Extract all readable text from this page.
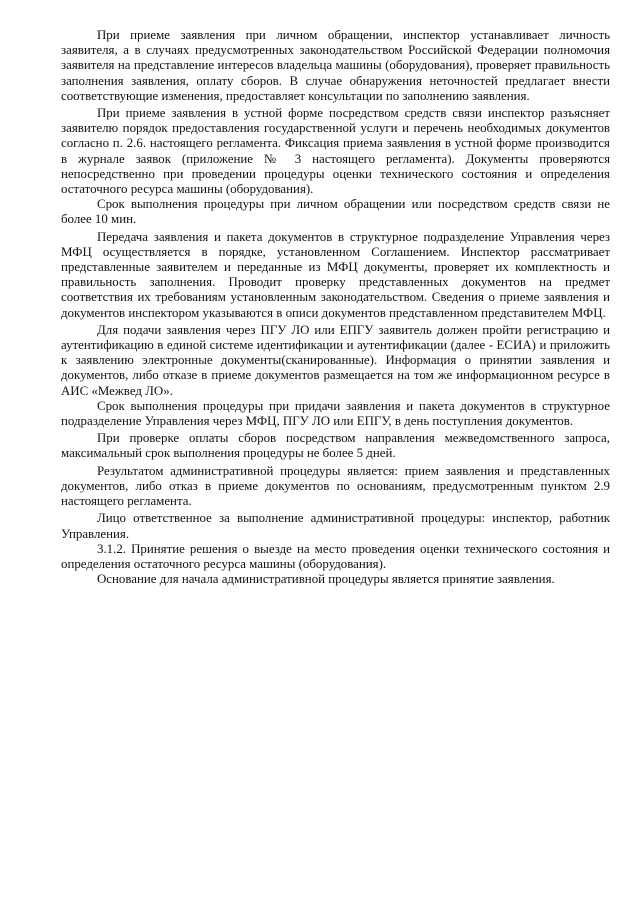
При приеме заявления при личном обращении, инспектор устанавливает личность заявителя, а в случаях предусмотренных законодательством Российской Федерации полномочия заявителя на представление интересов владельца машины (оборудования), проверяет правильность заполнения заявления, оплату сборов. В случае обнаружения неточностей предлагает внести соответствующие изменения, предоставляет консультации по заполнению заявления.

При приеме заявления в устной форме посредством средств связи инспектор разъясняет заявителю порядок предоставления государственной услуги и перечень необходимых документов согласно п. 2.6. настоящего регламента. Фиксация приема заявления в устной форме производится в журнале заявок (приложение № 3 настоящего регламента). Документы проверяются непосредственно при проведении процедуры оценки технического состояния и определения остаточного ресурса машины (оборудования).

Срок выполнения процедуры при личном обращении или посредством средств связи не более 10 мин.

Передача заявления и пакета документов в структурное подразделение Управления через МФЦ осуществляется в порядке, установленном Соглашением. Инспектор рассматривает представленные заявителем и переданные из МФЦ документы, проверяет их комплектность и правильность заполнения. Проводит проверку представленных документов на предмет соответствия их требованиям установленным законодательством. Сведения о приеме заявления и документов инспектором указываются в описи документов представленном представителем МФЦ.

Для подачи заявления через ПГУ ЛО или ЕПГУ заявитель должен пройти регистрацию и аутентификацию в единой системе идентификации и аутентификации (далее - ЕСИА) и приложить к заявлению электронные документы(сканированные). Информация о принятии заявления и документов, либо отказе в приеме документов размещается на том же информационном ресурсе в АИС «Межвед ЛО».

Срок выполнения процедуры при придачи заявления и пакета документов в структурное подразделение Управления через МФЦ, ПГУ ЛО или ЕПГУ, в день поступления документов.

При проверке оплаты сборов посредством направления межведомственного запроса, максимальный срок выполнения процедуры не более 5 дней.

Результатом административной процедуры является: прием заявления и представленных документов, либо отказ в приеме документов по основаниям, предусмотренным пунктом 2.9 настоящего регламента.

Лицо ответственное за выполнение административной процедуры: инспектор, работник Управления.

3.1.2. Принятие решения о выезде на место проведения оценки технического состояния и определения остаточного ресурса машины (оборудования).

Основание для начала административной процедуры является принятие заявления.
